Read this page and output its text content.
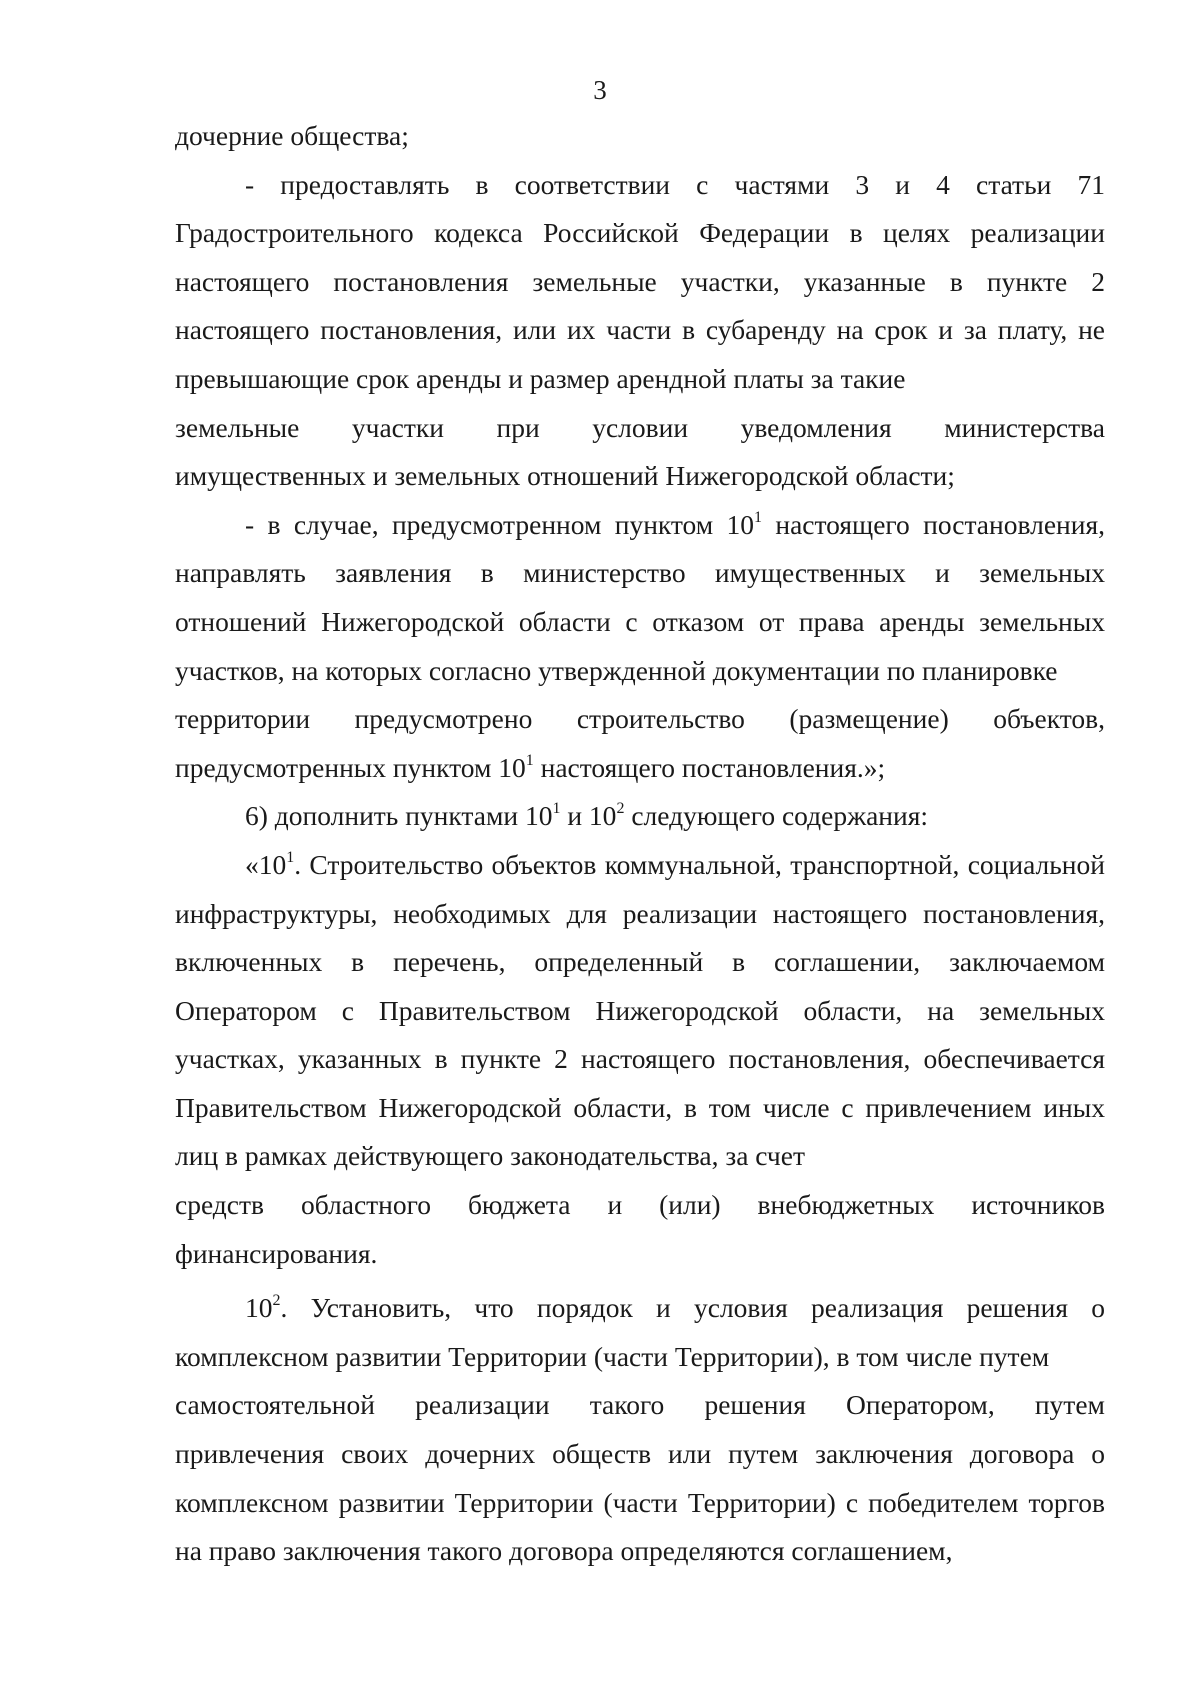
3

дочерние общества;

- предоставлять в соответствии с частями 3 и 4 статьи 71 Градостроительного кодекса Российской Федерации в целях реализации настоящего постановления земельные участки, указанные в пункте 2 настоящего постановления, или их части в субаренду на срок и за плату, не превышающие срок аренды и размер арендной платы за такие

земельные участки при условии уведомления министерства

имущественных и земельных отношений Нижегородской области;

- в случае, предусмотренном пунктом $10^1$ настоящего постановления, направлять заявления в министерство имущественных и земельных отношений Нижегородской области с отказом от права аренды земельных участков, на которых согласно утвержденной документации по планировке

территории предусмотрено строительство (размещение) объектов,

предусмотренных пунктом $10^1$ настоящего постановления.»;

6) дополнить пунктами $10^1$ и $10^2$ следующего содержания:

«$10^1$. Строительство объектов коммунальной, транспортной, социальной инфраструктуры, необходимых для реализации настоящего постановления, включенных в перечень, определенный в соглашении, заключаемом Оператором с Правительством Нижегородской области, на земельных участках, указанных в пункте 2 настоящего постановления, обеспечивается Правительством Нижегородской области, в том числе с привлечением иных лиц в рамках действующего законодательства, за счет

средств областного бюджета и (или) внебюджетных источников

финансирования.

$10^2$. Установить, что порядок и условия реализация решения о комплексном развитии Территории (части Территории), в том числе путем

самостоятельной реализации такого решения Оператором, путем

привлечения своих дочерних обществ или путем заключения договора о комплексном развитии Территории (части Территории) с победителем торгов на право заключения такого договора определяются соглашением,
